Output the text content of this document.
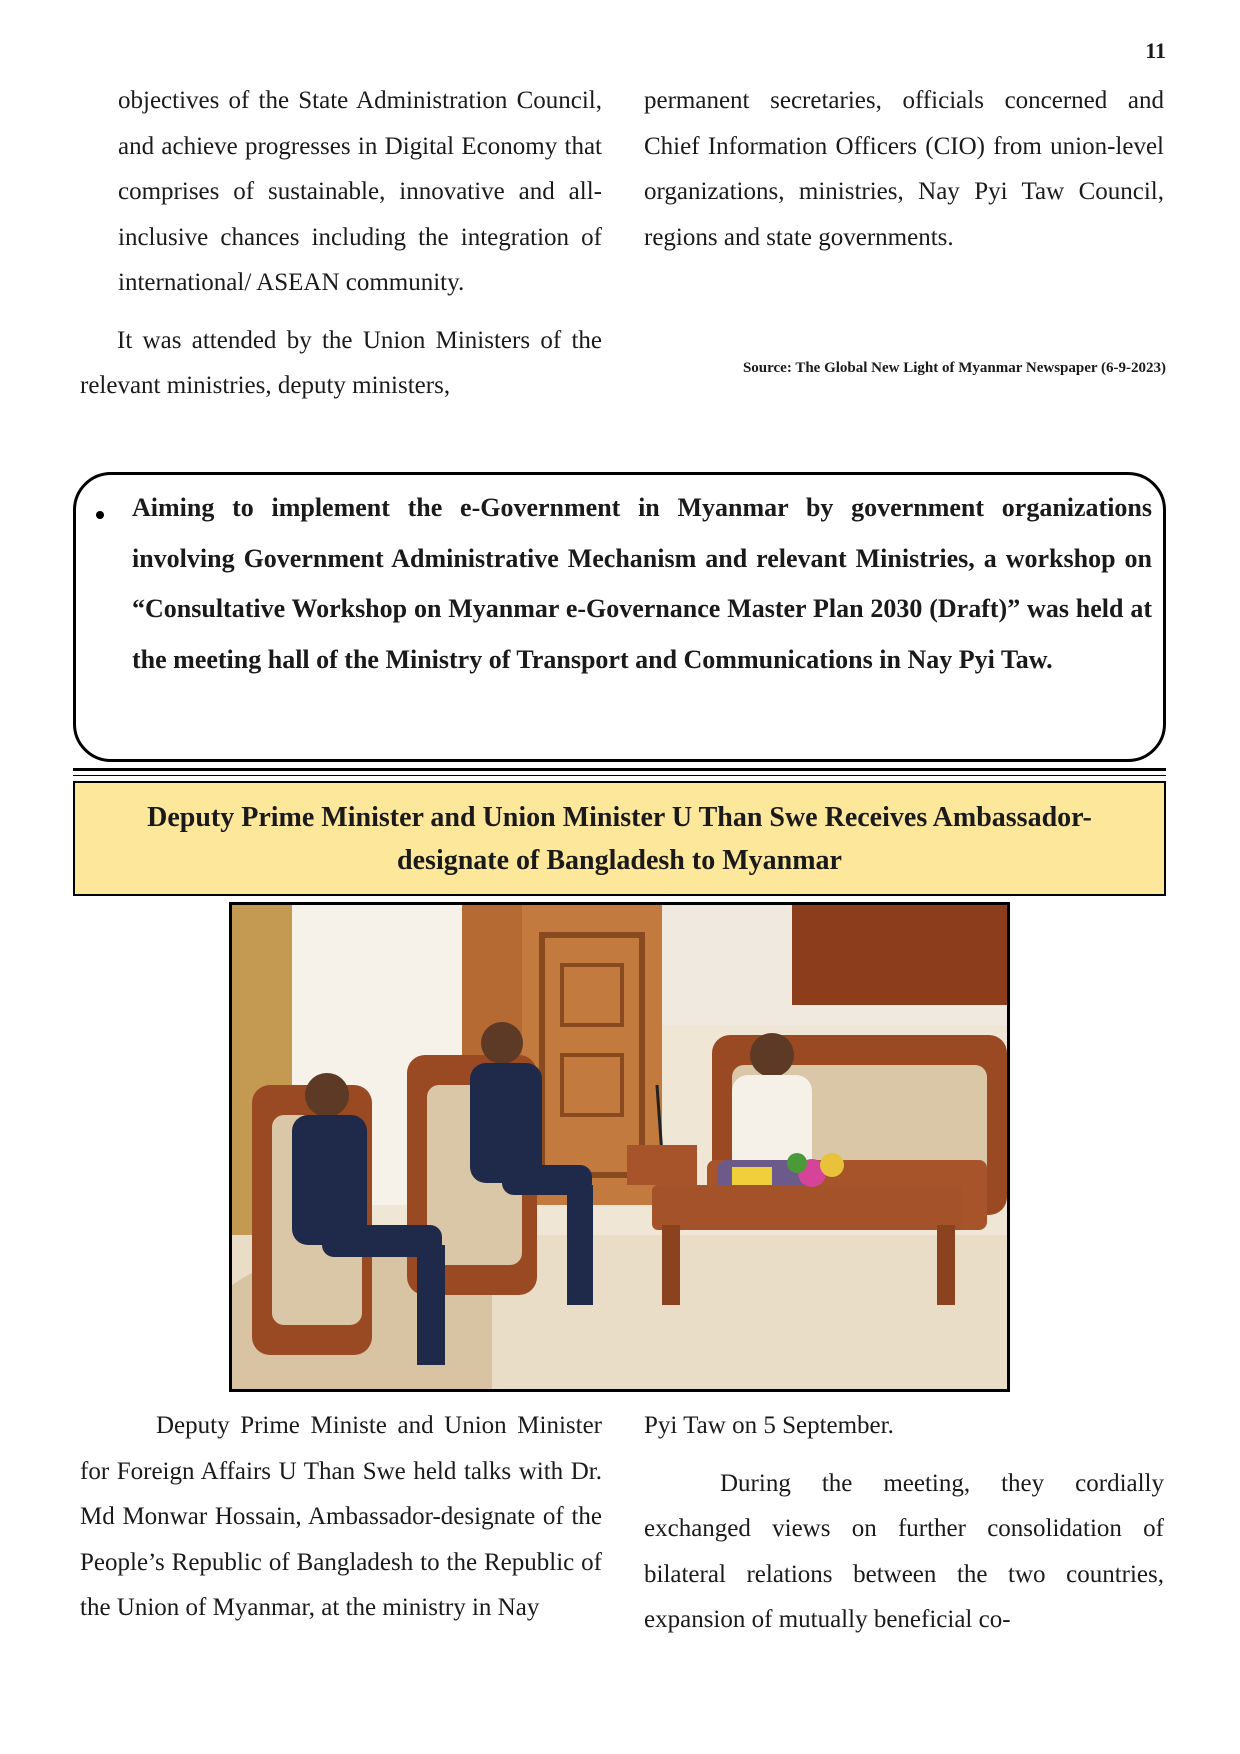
11

objectives of the State Administration Council, and achieve progresses in Digital Economy that comprises of sustainable, innovative and all-inclusive chances including the integration of international/ ASEAN community.

It was attended by the Union Ministers of the relevant ministries, deputy ministers,

permanent secretaries, officials concerned and Chief Information Officers (CIO) from union-level organizations, ministries, Nay Pyi Taw Council, regions and state governments.

Source: The Global New Light of Myanmar Newspaper (6-9-2023)

Aiming to implement the e-Government in Myanmar by government organizations involving Government Administrative Mechanism and relevant Ministries, a workshop on “Consultative Workshop on Myanmar e-Governance Master Plan 2030 (Draft)” was held at the meeting hall of the Ministry of Transport and Communications in Nay Pyi Taw.

Deputy Prime Minister and Union Minister U Than Swe Receives Ambassador-
designate of Bangladesh to Myanmar

Deputy Prime Ministe and Union Minister for Foreign Affairs U Than Swe held talks with Dr. Md Monwar Hossain, Ambassador-designate of the People’s Republic of Bangladesh to the Republic of the Union of Myanmar, at the ministry in Nay

Pyi Taw on 5 September.

During the meeting, they cordially exchanged views on further consolidation of bilateral relations between the two countries, expansion of mutually beneficial co-
